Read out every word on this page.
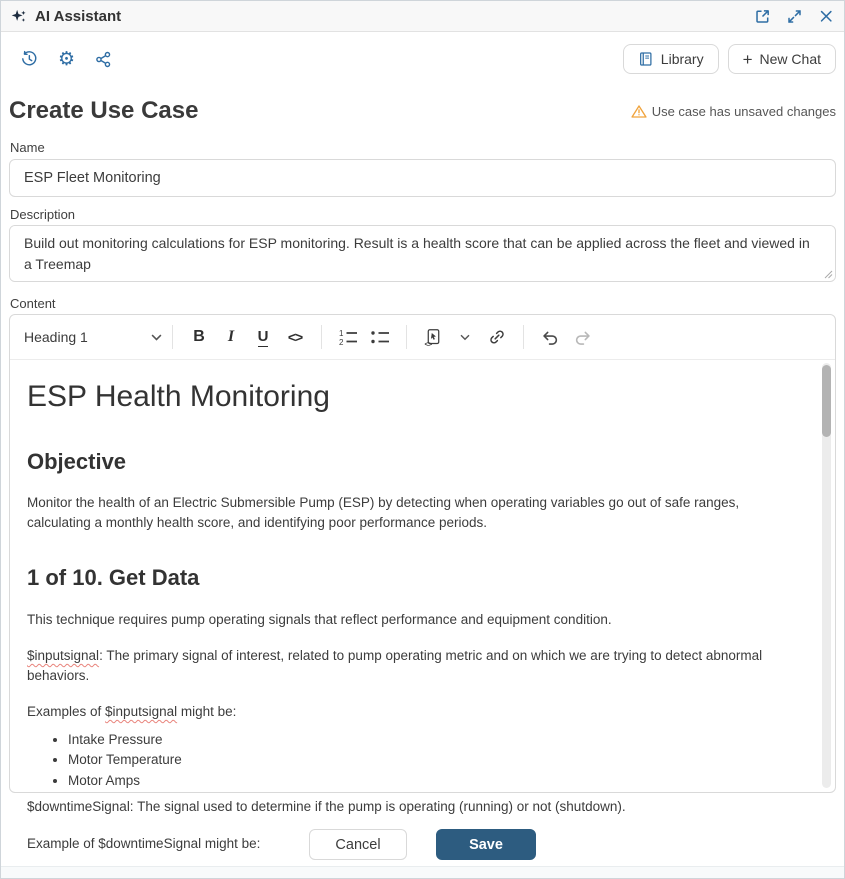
AI Assistant
⚙	Library + New Chat
Create Use Case	Use case has unsaved changes
Name
ESP Fleet Monitoring
Description
Build out monitoring calculations for ESP monitoring. Result is a health score that can be applied across the fleet and viewed in a Treemap
Content
Heading 1	B I U <>	1
2	<>
ESP Health Monitoring
Objective

Monitor the health of an Electric Submersible Pump (ESP) by detecting when operating variables go out of safe ranges, calculating a monthly health score, and identifying poor performance periods.

1 of 10. Get Data

This technique requires pump operating signals that reflect performance and equipment condition.

$inputsignal: The primary signal of interest, related to pump operating metric and on which we are trying to detect abnormal behaviors.

Examples of $inputsignal might be:

• Intake Pressure
• Motor Temperature
• Motor Amps

$downtimeSignal: The signal used to determine if the pump is operating (running) or not (shutdown).

Example of $downtimeSignal might be:	Cancel	Save
